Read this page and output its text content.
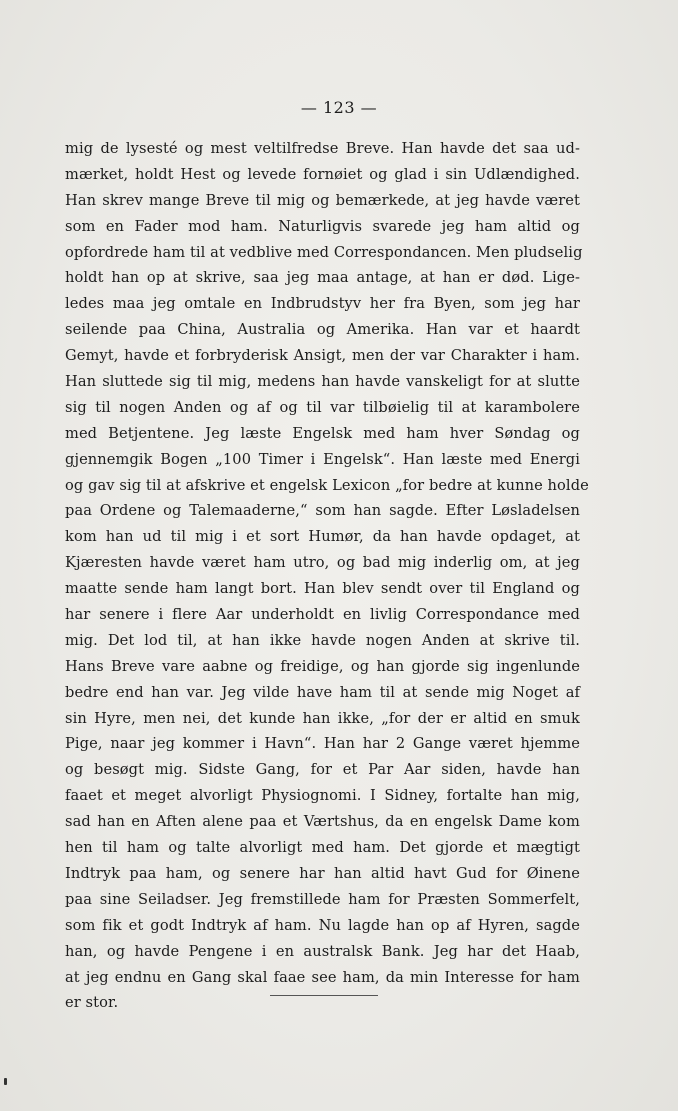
— 123 —
mig de lysesté og mest veltilfredse Breve. Han havde det saa ud-
mærket, holdt Hest og levede fornøiet og glad i sin Udlændighed.
Han skrev mange Breve til mig og bemærkede, at jeg havde været
som en Fader mod ham. Naturligvis svarede jeg ham altid og
opfordrede ham til at vedblive med Correspondancen. Men pludselig
holdt han op at skrive, saa jeg maa antage, at han er død. Lige-
ledes maa jeg omtale en Indbrudstyv her fra Byen, som jeg har
seilende paa China, Australia og Amerika. Han var et haardt
Gemyt, havde et forbryderisk Ansigt, men der var Charakter i ham.
Han sluttede sig til mig, medens han havde vanskeligt for at slutte
sig til nogen Anden og af og til var tilbøielig til at karambolere
med Betjentene. Jeg læste Engelsk med ham hver Søndag og
gjennemgik Bogen „100 Timer i Engelsk“. Han læste med Energi
og gav sig til at afskrive et engelsk Lexicon „for bedre at kunne holde
paa Ordene og Talemaaderne,“ som han sagde. Efter Løsladelsen
kom han ud til mig i et sort Humør, da han havde opdaget, at
Kjæresten havde været ham utro, og bad mig inderlig om, at jeg
maatte sende ham langt bort. Han blev sendt over til England og
har senere i flere Aar underholdt en livlig Correspondance med
mig. Det lod til, at han ikke havde nogen Anden at skrive til.
Hans Breve vare aabne og freidige, og han gjorde sig ingenlunde
bedre end han var. Jeg vilde have ham til at sende mig Noget af
sin Hyre, men nei, det kunde han ikke, „for der er altid en smuk
Pige, naar jeg kommer i Havn“. Han har 2 Gange været hjemme
og besøgt mig. Sidste Gang, for et Par Aar siden, havde han
faaet et meget alvorligt Physiognomi. I Sidney, fortalte han mig,
sad han en Aften alene paa et Værtshus, da en engelsk Dame kom
hen til ham og talte alvorligt med ham. Det gjorde et mægtigt
Indtryk paa ham, og senere har han altid havt Gud for Øinene
paa sine Seiladser. Jeg fremstillede ham for Præsten Sommerfelt,
som fik et godt Indtryk af ham. Nu lagde han op af Hyren, sagde
han, og havde Pengene i en australsk Bank. Jeg har det Haab,
at jeg endnu en Gang skal faae see ham, da min Interesse for ham
er stor.
